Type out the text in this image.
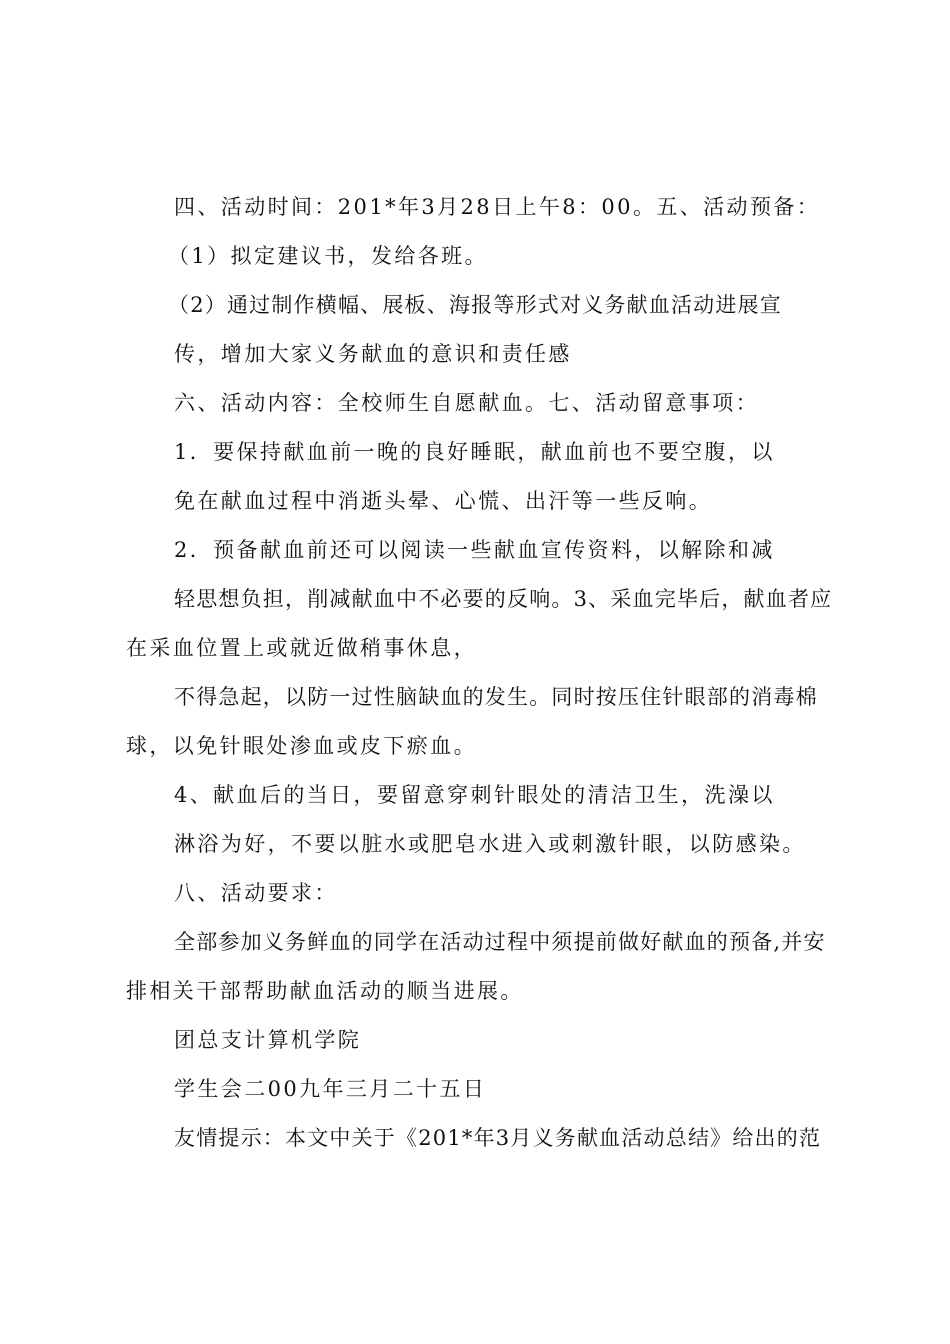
四、活动时间：201*年3月28日上午8：00。五、活动预备：
（1）拟定建议书，发给各班。
（2）通过制作横幅、展板、海报等形式对义务献血活动进展宣
传，增加大家义务献血的意识和责任感
六、活动内容：全校师生自愿献血。七、活动留意事项：
1．要保持献血前一晚的良好睡眠，献血前也不要空腹，以
免在献血过程中消逝头晕、心慌、出汗等一些反响。
2．预备献血前还可以阅读一些献血宣传资料，以解除和减
轻思想负担，削减献血中不必要的反响。3、采血完毕后，献血者应
在采血位置上或就近做稍事休息，
不得急起，以防一过性脑缺血的发生。同时按压住针眼部的消毒棉
球，以免针眼处渗血或皮下瘀血。
4、献血后的当日，要留意穿刺针眼处的清洁卫生，洗澡以
淋浴为好，不要以脏水或肥皂水进入或刺激针眼，以防感染。
八、活动要求：
全部参加义务鲜血的同学在活动过程中须提前做好献血的预备,并安
排相关干部帮助献血活动的顺当进展。
团总支计算机学院
学生会二00九年三月二十五日
友情提示：本文中关于《201*年3月义务献血活动总结》给出的范
